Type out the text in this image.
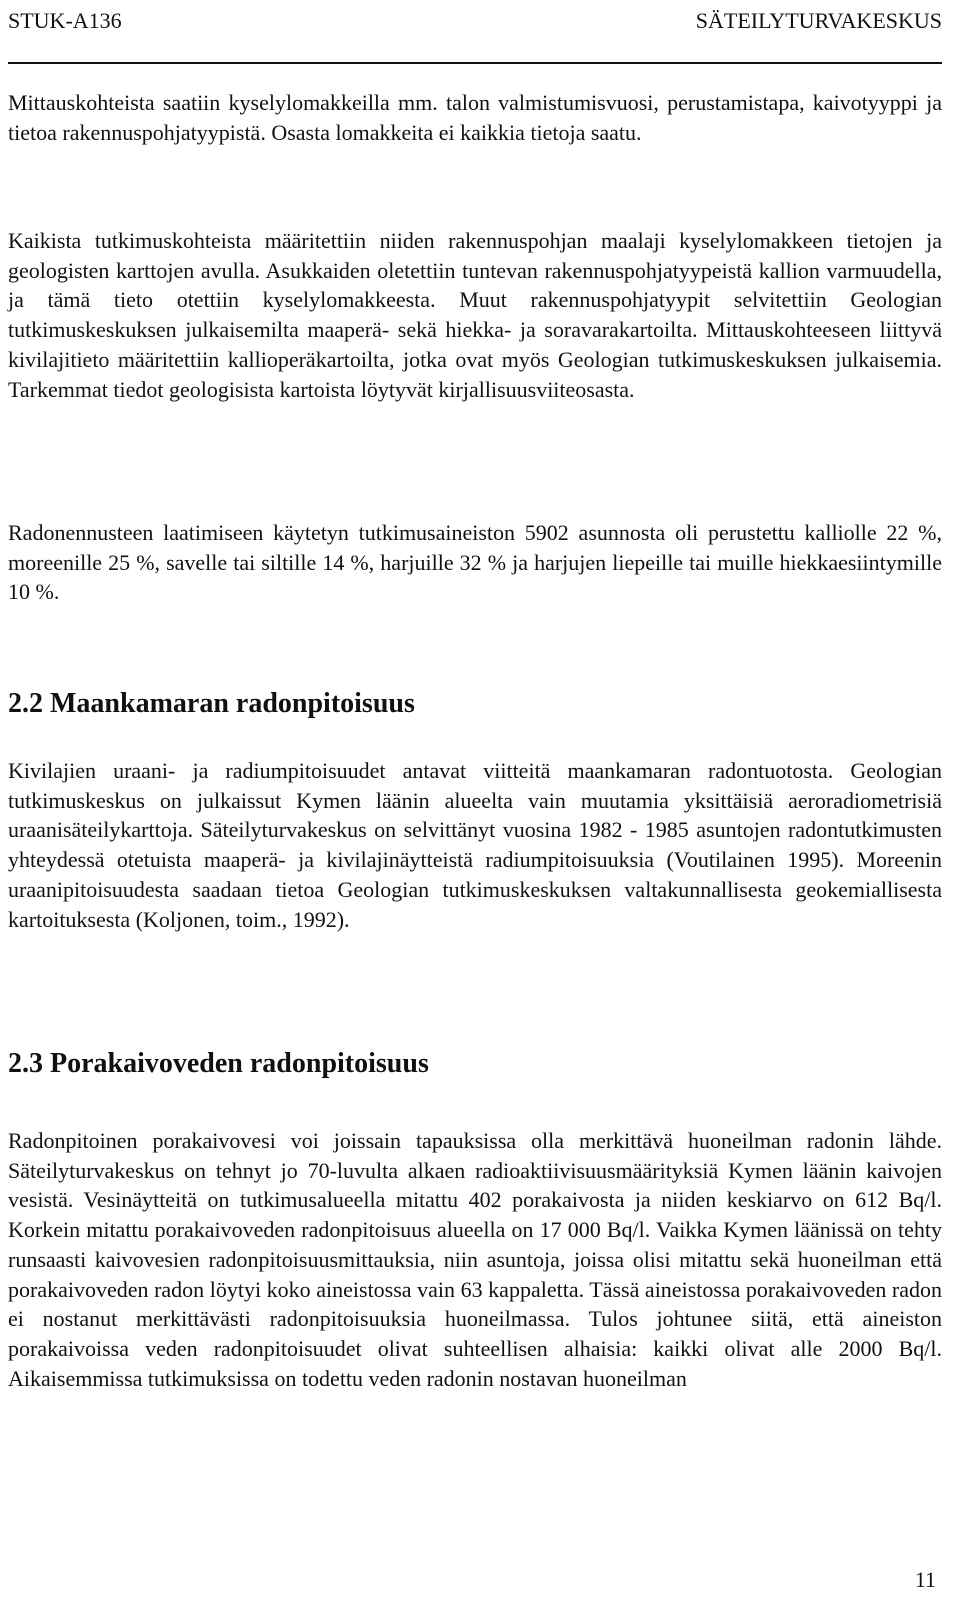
STUK-A136	SÄTEILYTURVAKESKUS

Mittauskohteista saatiin kyselylomakkeilla mm. talon valmistumisvuosi, perustamistapa, kaivotyyppi ja tietoa rakennuspohjatyypistä. Osasta lomakkeita ei kaikkia tietoja saatu.

Kaikista tutkimuskohteista määritettiin niiden rakennuspohjan maalaji kyselylomakkeen tietojen ja geologisten karttojen avulla. Asukkaiden oletettiin tuntevan rakennuspohjatyypeistä kallion varmuudella, ja tämä tieto otettiin kyselylomakkeesta. Muut rakennuspohjatyypit selvitettiin Geologian tutkimuskeskuksen julkaisemilta maaperä- sekä hiekka- ja soravarakartoilta. Mittauskohteeseen liittyvä kivilajitieto määritettiin kallioperäkartoilta, jotka ovat myös Geologian tutkimuskeskuksen julkaisemia. Tarkemmat tiedot geologisista kartoista löytyvät kirjallisuusviiteosasta.

Radonennusteen laatimiseen käytetyn tutkimusaineiston 5902 asunnosta oli perustettu kalliolle 22 %, moreenille 25 %, savelle tai siltille 14 %, harjuille 32 % ja harjujen liepeille tai muille hiekkaesiintymille 10 %.

2.2 Maankamaran radonpitoisuus

Kivilajien uraani- ja radiumpitoisuudet antavat viitteitä maankamaran radontuotosta. Geologian tutkimuskeskus on julkaissut Kymen läänin alueelta vain muutamia yksittäisiä aeroradiometrisiä uraanisäteilykarttoja. Säteilyturvakeskus on selvittänyt vuosina 1982 - 1985 asuntojen radontutkimusten yhteydessä otetuista maaperä- ja kivilajinäytteistä radiumpitoisuuksia (Voutilainen 1995). Moreenin uraanipitoisuudesta saadaan tietoa Geologian tutkimuskeskuksen valtakunnallisesta geokemiallisesta kartoituksesta (Koljonen, toim., 1992).

2.3 Porakaivoveden radonpitoisuus

Radonpitoinen porakaivovesi voi joissain tapauksissa olla merkittävä huoneilman radonin lähde. Säteilyturvakeskus on tehnyt jo 70-luvulta alkaen radioaktiivisuusmäärityksiä Kymen läänin kaivojen vesistä. Vesinäytteitä on tutkimusalueella mitattu 402 porakaivosta ja niiden keskiarvo on 612 Bq/l. Korkein mitattu porakaivoveden radonpitoisuus alueella on 17 000 Bq/l. Vaikka Kymen läänissä on tehty runsaasti kaivovesien radonpitoisuusmittauksia, niin asuntoja, joissa olisi mitattu sekä huoneilman että porakaivoveden radon löytyi koko aineistossa vain 63 kappaletta. Tässä aineistossa porakaivoveden radon ei nostanut merkittävästi radonpitoisuuksia huoneilmassa. Tulos johtunee siitä, että aineiston porakaivoissa veden radonpitoisuudet olivat suhteellisen alhaisia: kaikki olivat alle 2000 Bq/l. Aikaisemmissa tutkimuksissa on todettu veden radonin nostavan huoneilman

11
